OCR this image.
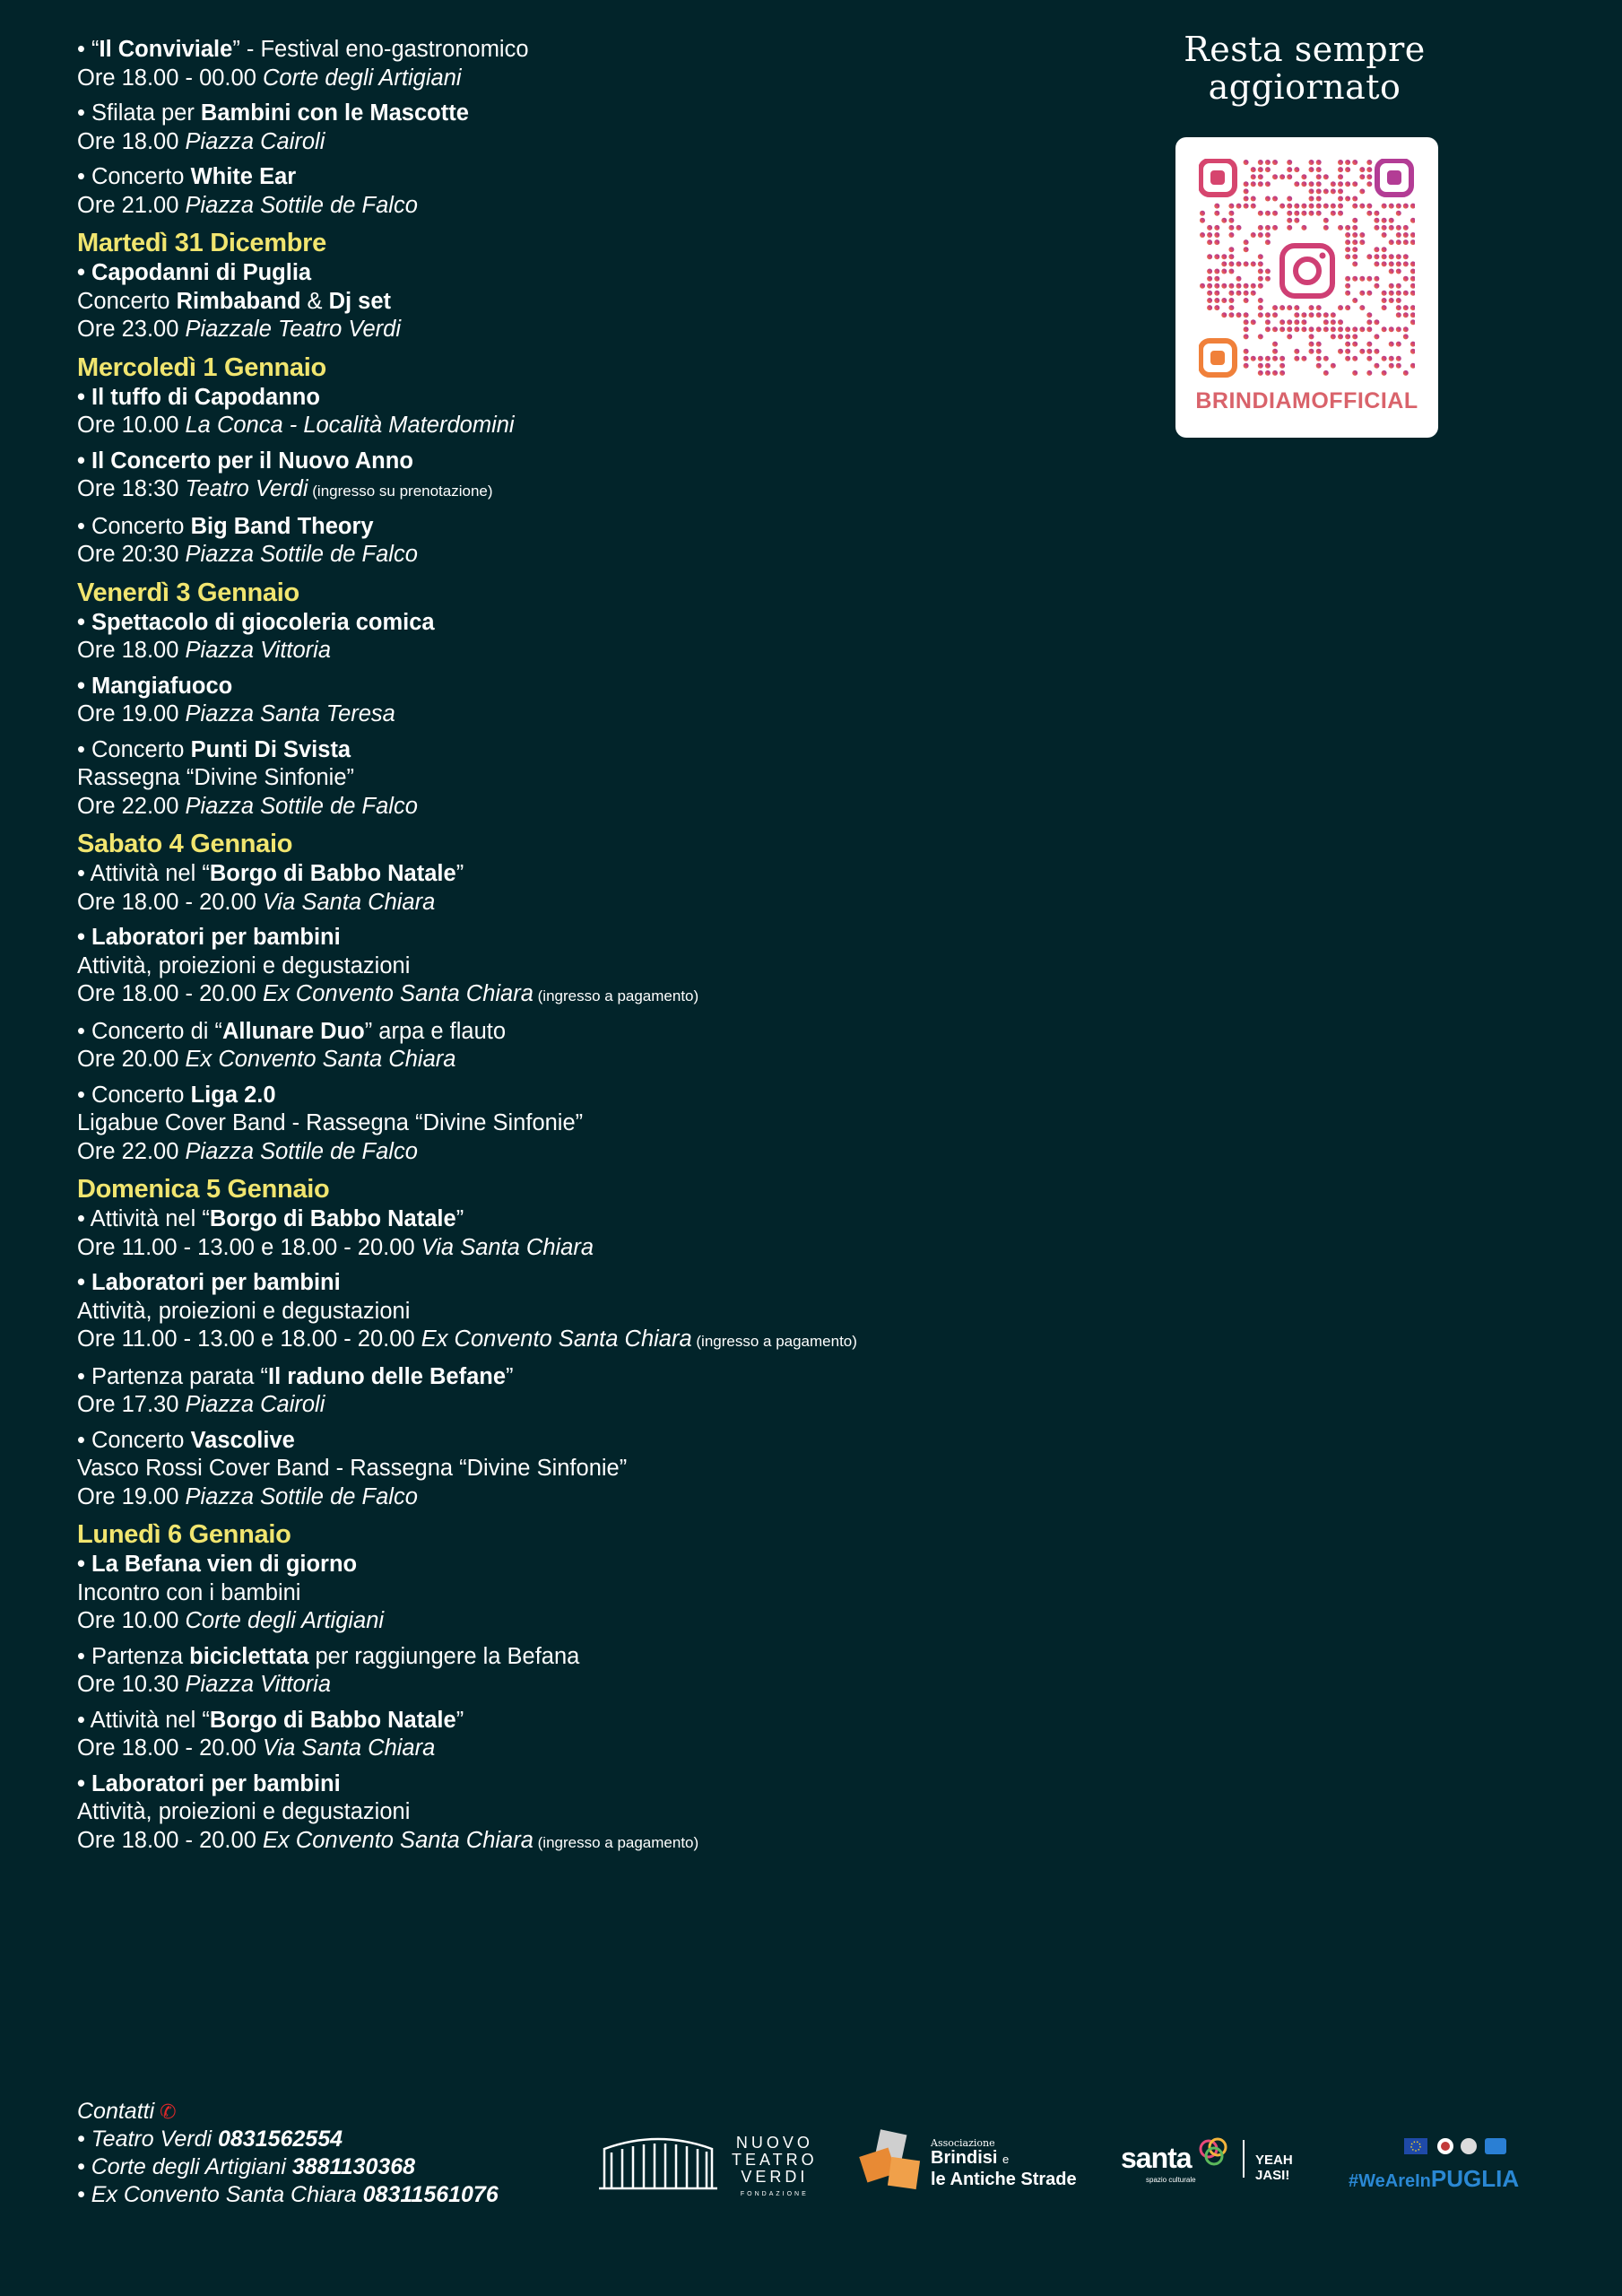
• “Il Conviviale” - Festival eno-gastronomico
Ore 18.00 - 00.00 Corte degli Artigiani
• Sfilata per Bambini con le Mascotte
Ore 18.00 Piazza Cairoli
• Concerto White Ear
Ore 21.00 Piazza Sottile de Falco
Martedì 31 Dicembre
• Capodanni di Puglia
Concerto Rimbaband & Dj set
Ore 23.00 Piazzale Teatro Verdi
Mercoledì 1 Gennaio
• Il tuffo di Capodanno
Ore 10.00 La Conca - Località Materdomini
• Il Concerto per il Nuovo Anno
Ore 18:30 Teatro Verdi (ingresso su prenotazione)
• Concerto Big Band Theory
Ore 20:30 Piazza Sottile de Falco
Venerdì 3 Gennaio
• Spettacolo di giocoleria comica
Ore 18.00 Piazza Vittoria
• Mangiafuoco
Ore 19.00 Piazza Santa Teresa
• Concerto Punti Di Svista
Rassegna “Divine Sinfonie”
Ore 22.00 Piazza Sottile de Falco
Sabato 4 Gennaio
• Attività nel “Borgo di Babbo Natale”
Ore 18.00 - 20.00 Via Santa Chiara
• Laboratori per bambini
Attività, proiezioni e degustazioni
Ore 18.00 - 20.00 Ex Convento Santa Chiara (ingresso a pagamento)
• Concerto di “Allunare Duo” arpa e flauto
Ore 20.00 Ex Convento Santa Chiara
• Concerto Liga 2.0
Ligabue Cover Band - Rassegna “Divine Sinfonie”
Ore 22.00 Piazza Sottile de Falco
Domenica 5 Gennaio
• Attività nel “Borgo di Babbo Natale”
Ore 11.00 - 13.00 e 18.00 - 20.00 Via Santa Chiara
• Laboratori per bambini
Attività, proiezioni e degustazioni
Ore 11.00 - 13.00 e 18.00 - 20.00 Ex Convento Santa Chiara (ingresso a pagamento)
• Partenza parata “Il raduno delle Befane”
Ore 17.30 Piazza Cairoli
• Concerto Vascolive
Vasco Rossi Cover Band - Rassegna “Divine Sinfonie”
Ore 19.00 Piazza Sottile de Falco
Lunedì 6 Gennaio
• La Befana vien di giorno
Incontro con i bambini
Ore 10.00 Corte degli Artigiani
• Partenza biciclettata per raggiungere la Befana
Ore 10.30 Piazza Vittoria
• Attività nel “Borgo di Babbo Natale”
Ore 18.00 - 20.00 Via Santa Chiara
• Laboratori per bambini
Attività, proiezioni e degustazioni
Ore 18.00 - 20.00 Ex Convento Santa Chiara (ingresso a pagamento)
Resta sempre
aggiornato
BRINDIAMOFFICIAL
Contatti ✆
• Teatro Verdi 0831562554
• Corte degli Artigiani 3881130368
• Ex Convento Santa Chiara 08311561076
NUOVO
TEATRO
VERDI
FONDAZIONE
Associazione
Brindisi e
le Antiche Strade
santa
spazio culturale
YEAH JASI!	#WeAreInPUGLIA
